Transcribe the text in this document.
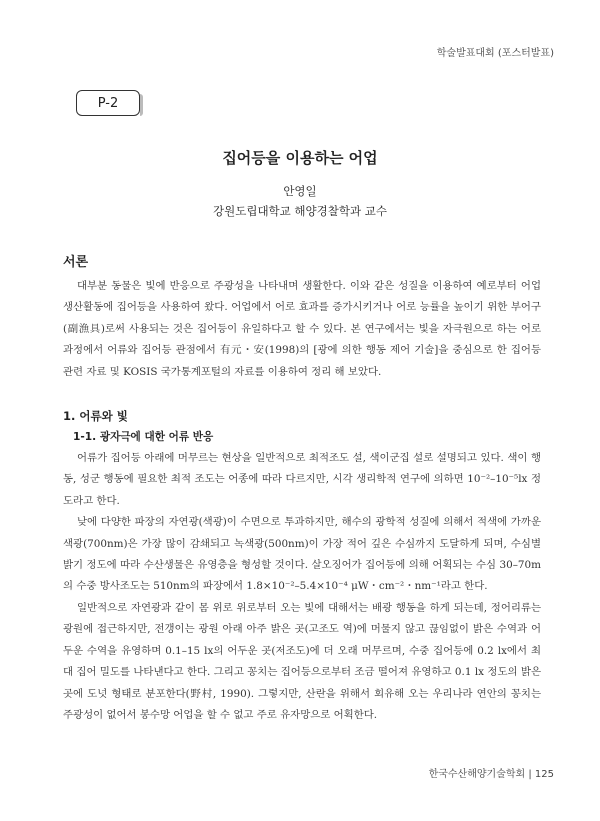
학술발표대회 (포스터발표)
P-2
집어등을 이용하는 어업
안영일
강원도립대학교 해양경찰학과 교수
서론

대부분 동물은 빛에 반응으로 주광성을 나타내며 생활한다. 이와 같은 성질을 이용하여 예로부터 어업 생산활동에 집어등을 사용하여 왔다. 어업에서 어로 효과를 증가시키거나 어로 능률을 높이기 위한 부어구(副漁具)로써 사용되는 것은 집어등이 유일하다고 할 수 있다. 본 연구에서는 빛을 자극원으로 하는 어로 과정에서 어류와 집어등 관점에서 有元・安(1998)의 [광에 의한 행동 제어 기술]을 중심으로 한 집어등 관련 자료 및 KOSIS 국가통계포털의 자료를 이용하여 정리 해 보았다.

1. 어류와 빛
1-1. 광자극에 대한 어류 반응

어류가 집어등 아래에 머무르는 현상을 일반적으로 최적조도 설, 색이군집 설로 설명되고 있다. 색이 행동, 성군 행동에 필요한 최적 조도는 어종에 따라 다르지만, 시각 생리학적 연구에 의하면 10⁻²–10⁻⁵lx 정도라고 한다.

낮에 다양한 파장의 자연광(색광)이 수면으로 투과하지만, 해수의 광학적 성질에 의해서 적색에 가까운 색광(700nm)은 가장 많이 감쇄되고 녹색광(500nm)이 가장 적어 깊은 수심까지 도달하게 되며, 수심별 밝기 정도에 따라 수산생물은 유영층을 형성할 것이다. 살오징어가 집어등에 의해 어획되는 수심 30–70m의 수중 방사조도는 510nm의 파장에서 1.8×10⁻²–5.4×10⁻⁴ μW・cm⁻²・nm⁻¹라고 한다.

일반적으로 자연광과 같이 몸 위로 위로부터 오는 빛에 대해서는 배광 행동을 하게 되는데, 정어리류는 광원에 접근하지만, 전갱이는 광원 아래 아주 밝은 곳(고조도 역)에 머물지 않고 끊임없이 밝은 수역과 어두운 수역을 유영하며 0.1–15 lx의 어두운 곳(저조도)에 더 오래 머무르며, 수중 집어등에 0.2 lx에서 최대 집어 밀도를 나타낸다고 한다. 그리고 꽁치는 집어등으로부터 조금 떨어져 유영하고 0.1 lx 정도의 밝은 곳에 도넛 형태로 분포한다(野村, 1990). 그렇지만, 산란을 위해서 회유해 오는 우리나라 연안의 꽁치는 주광성이 없어서 봉수망 어업을 할 수 없고 주로 유자망으로 어획한다.

한국수산해양기술학회 | 125
